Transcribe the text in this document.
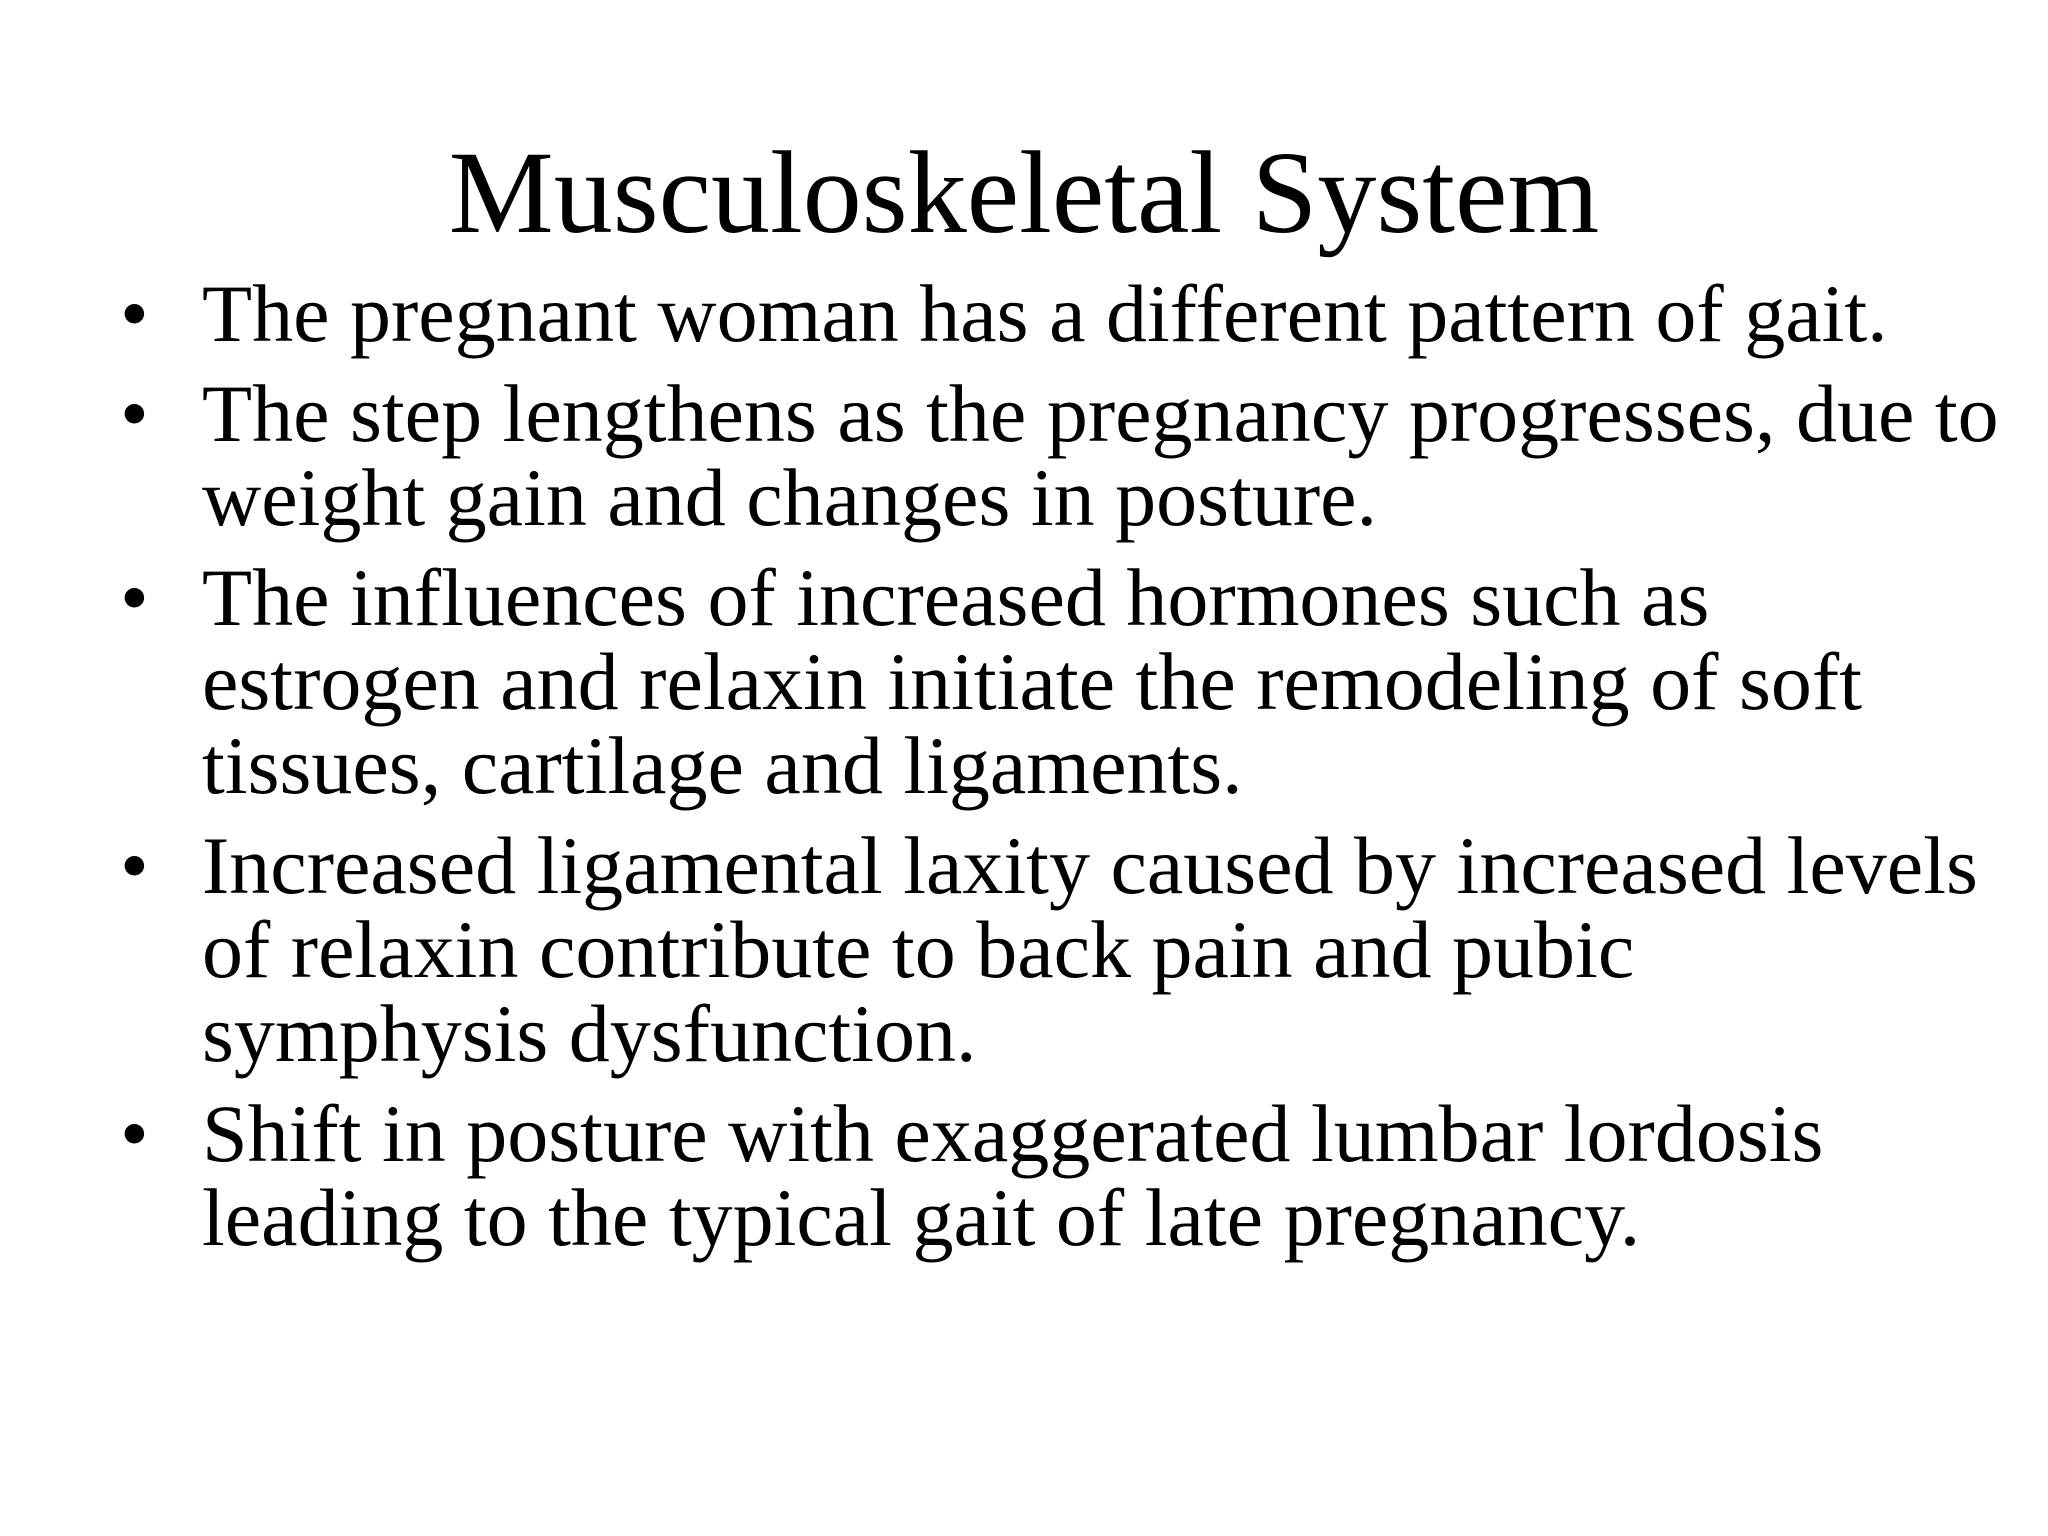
Musculoskeletal System
• The pregnant woman has a different pattern of gait.
• The step lengthens as the pregnancy progresses, due to weight gain and changes in posture.
• The influences of increased hormones such as estrogen and relaxin initiate the remodeling of soft tissues, cartilage and ligaments.
• Increased ligamental laxity caused by increased levels of relaxin contribute to back pain and pubic symphysis dysfunction.
• Shift in posture with exaggerated lumbar lordosis leading to the typical gait of late pregnancy.
